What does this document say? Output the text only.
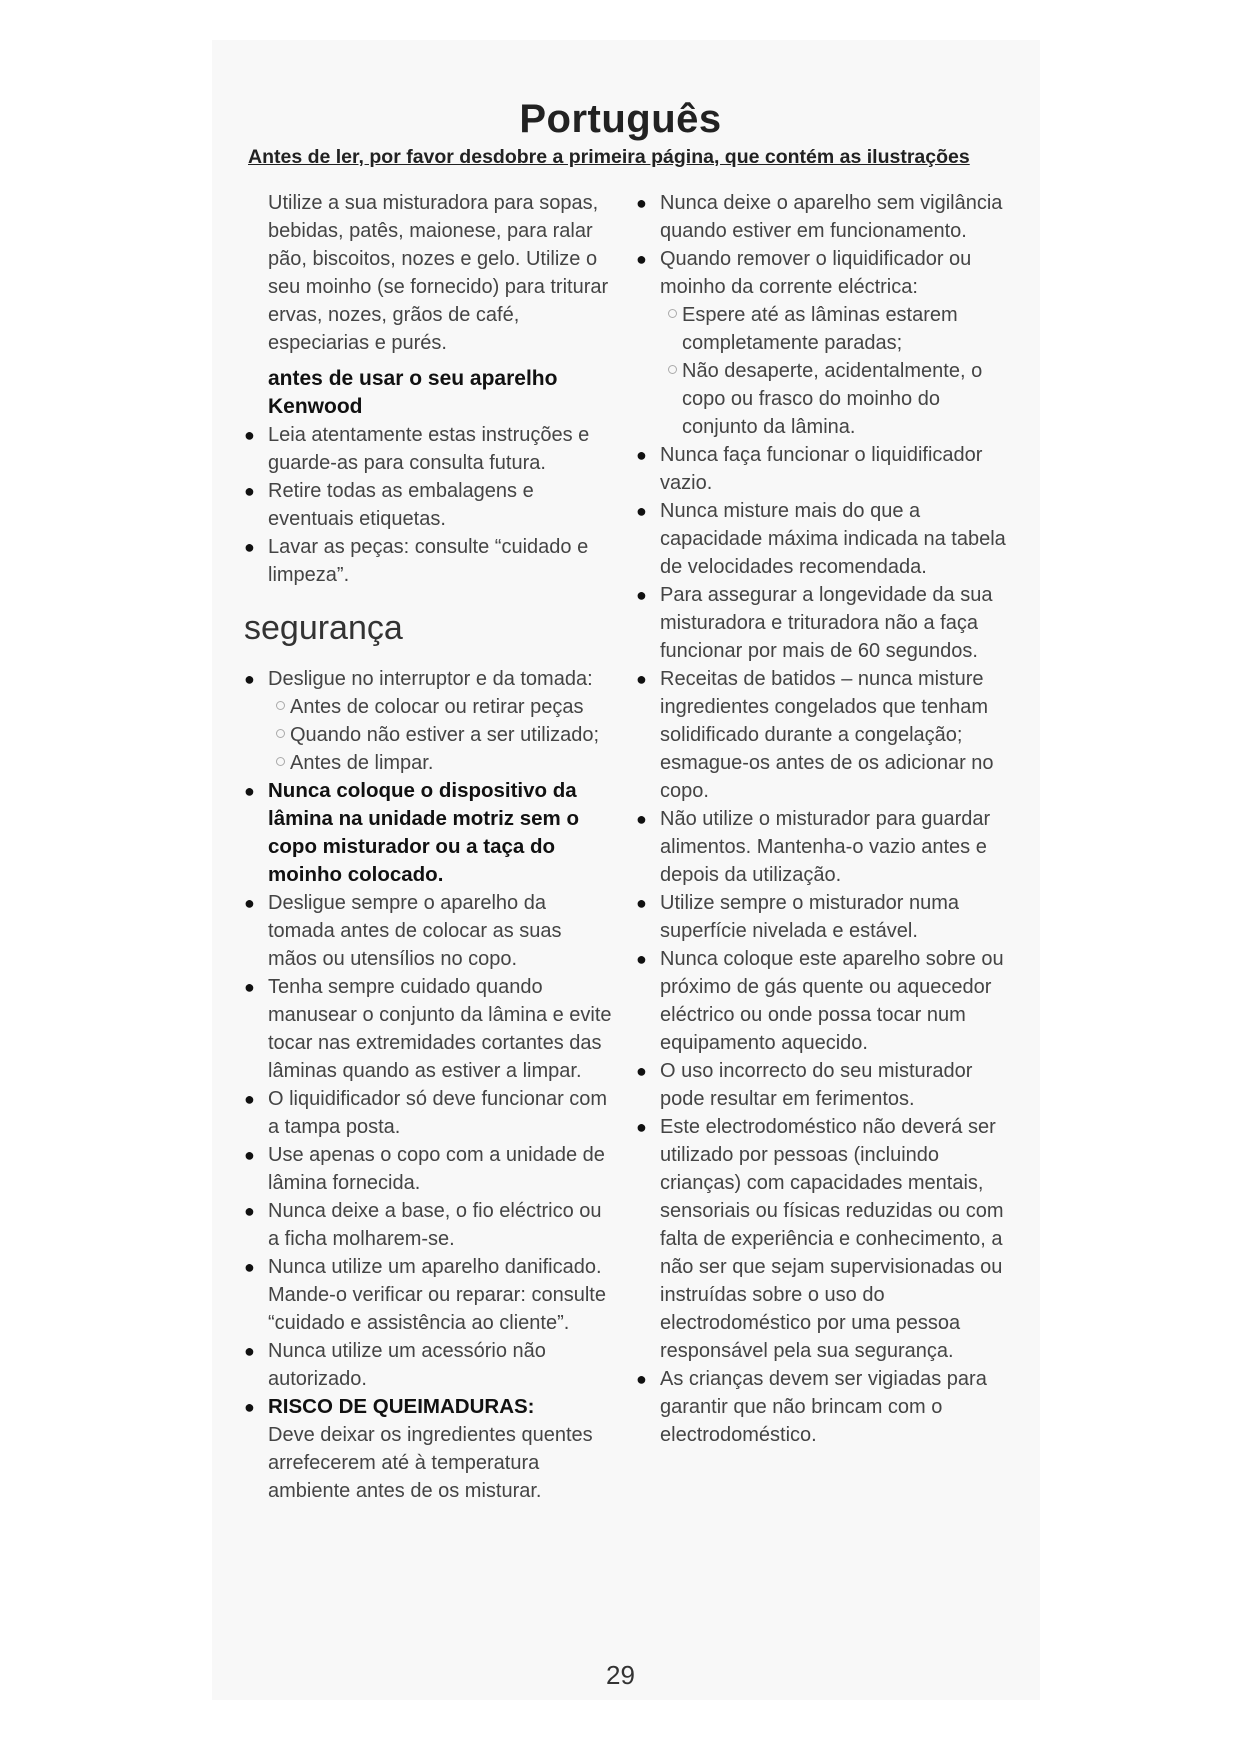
Português
Antes de ler, por favor desdobre a primeira página, que contém as ilustrações

Utilize a sua misturadora para sopas, bebidas, patês, maionese, para ralar pão, biscoitos, nozes e gelo. Utilize o seu moinho (se fornecido) para triturar ervas, nozes, grãos de café, especiarias e purés.

antes de usar o seu aparelho Kenwood
● Leia atentamente estas instruções e guarde-as para consulta futura.
● Retire todas as embalagens e eventuais etiquetas.
● Lavar as peças: consulte “cuidado e limpeza”.
segurança
● Desligue no interruptor e da tomada:
Antes de colocar ou retirar peças
Quando não estiver a ser utilizado;
Antes de limpar.
● Nunca coloque o dispositivo da lâmina na unidade motriz sem o copo misturador ou a taça do moinho colocado.
● Desligue sempre o aparelho da tomada antes de colocar as suas mãos ou utensílios no copo.
● Tenha sempre cuidado quando manusear o conjunto da lâmina e evite tocar nas extremidades cortantes das lâminas quando as estiver a limpar.
● O liquidificador só deve funcionar com a tampa posta.
● Use apenas o copo com a unidade de lâmina fornecida.
● Nunca deixe a base, o fio eléctrico ou a ficha molharem-se.
● Nunca utilize um aparelho danificado. Mande-o verificar ou reparar: consulte “cuidado e assistência ao cliente”.
● Nunca utilize um acessório não autorizado.
● RISCO DE QUEIMADURAS:
Deve deixar os ingredientes quentes arrefecerem até à temperatura ambiente antes de os misturar.
● Nunca deixe o aparelho sem vigilância quando estiver em funcionamento.
● Quando remover o liquidificador ou moinho da corrente eléctrica:
Espere até as lâminas estarem completamente paradas;
Não desaperte, acidentalmente, o copo ou frasco do moinho do conjunto da lâmina.
● Nunca faça funcionar o liquidificador vazio.
● Nunca misture mais do que a capacidade máxima indicada na tabela de velocidades recomendada.
● Para assegurar a longevidade da sua misturadora e trituradora não a faça funcionar por mais de 60 segundos.
● Receitas de batidos – nunca misture ingredientes congelados que tenham solidificado durante a congelação; esmague-os antes de os adicionar no copo.
● Não utilize o misturador para guardar alimentos. Mantenha-o vazio antes e depois da utilização.
● Utilize sempre o misturador numa superfície nivelada e estável.
● Nunca coloque este aparelho sobre ou próximo de gás quente ou aquecedor eléctrico ou onde possa tocar num equipamento aquecido.
● O uso incorrecto do seu misturador pode resultar em ferimentos.
● Este electrodoméstico não deverá ser utilizado por pessoas (incluindo crianças) com capacidades mentais, sensoriais ou físicas reduzidas ou com falta de experiência e conhecimento, a não ser que sejam supervisionadas ou instruídas sobre o uso do electrodoméstico por uma pessoa responsável pela sua segurança.
● As crianças devem ser vigiadas para garantir que não brincam com o electrodoméstico.
29
